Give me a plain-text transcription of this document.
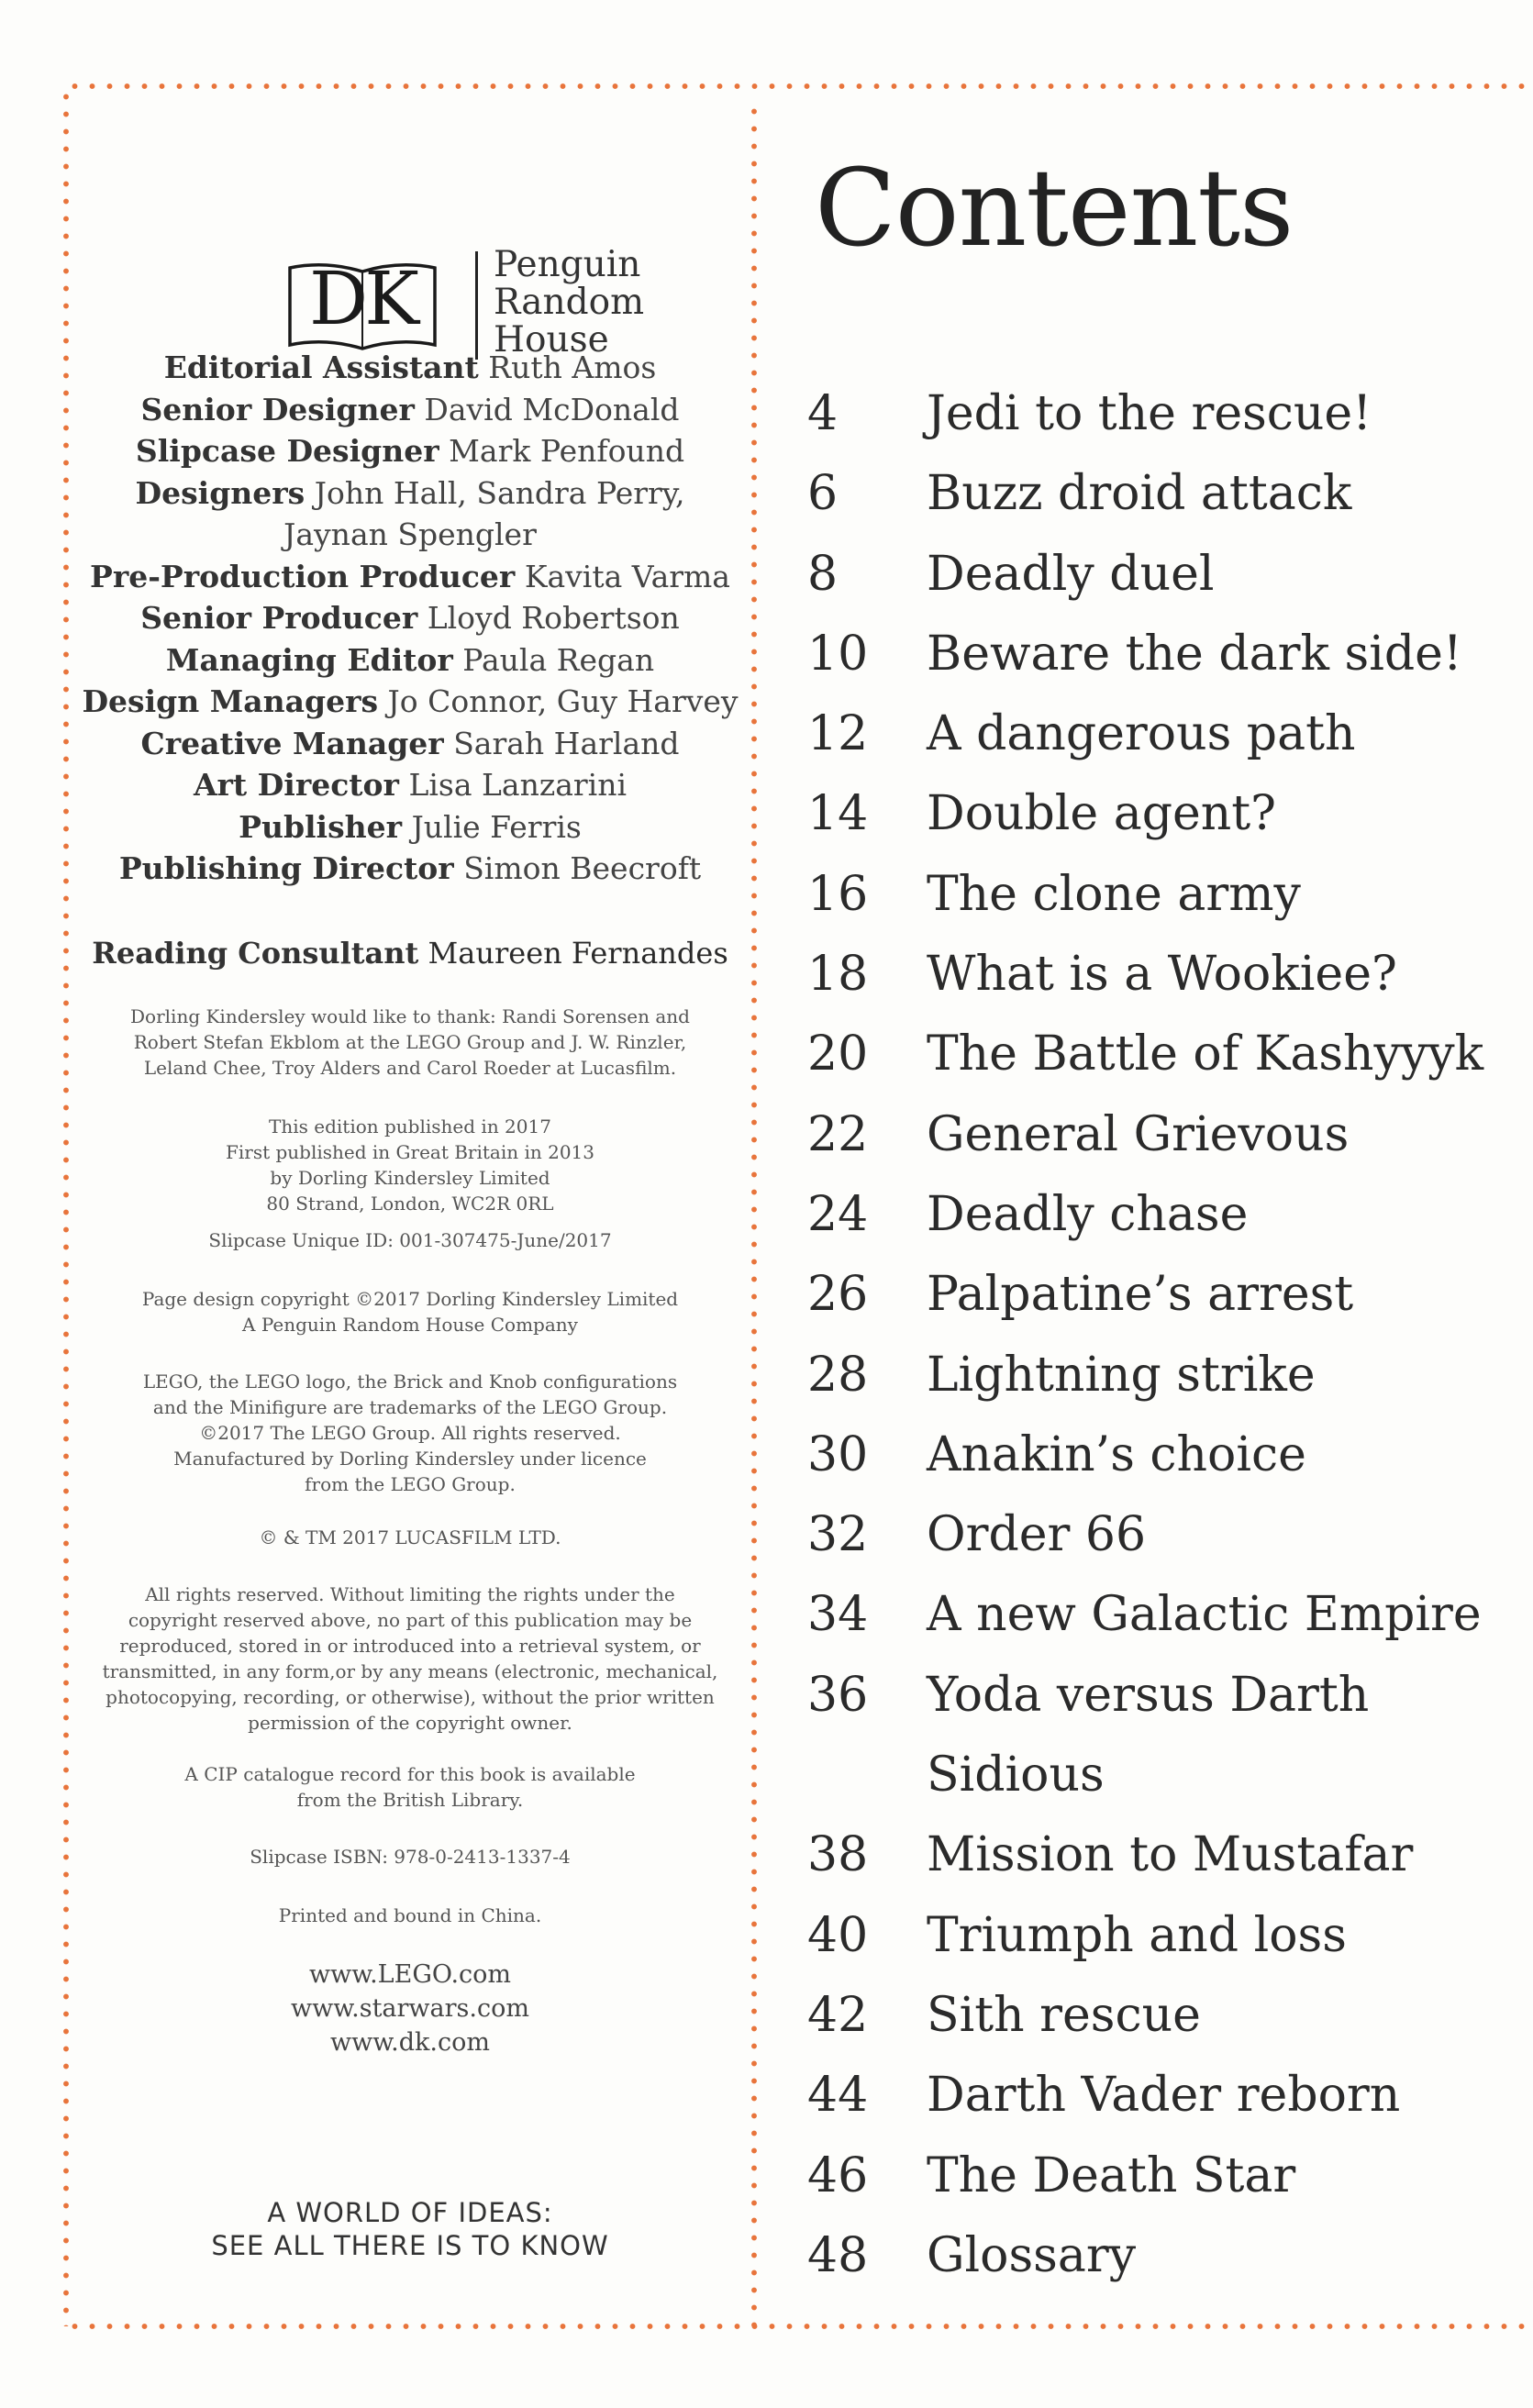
DK	Penguin
Random
House
Editorial Assistant Ruth Amos
Senior Designer David McDonald
Slipcase Designer Mark Penfound
Designers John Hall, Sandra Perry,
Jaynan Spengler
Pre-Production Producer Kavita Varma
Senior Producer Lloyd Robertson
Managing Editor Paula Regan
Design Managers Jo Connor, Guy Harvey
Creative Manager Sarah Harland
Art Director Lisa Lanzarini
Publisher Julie Ferris
Publishing Director Simon Beecroft
Reading Consultant Maureen Fernandes
Dorling Kindersley would like to thank: Randi Sorensen and
Robert Stefan Ekblom at the LEGO Group and J. W. Rinzler,
Leland Chee, Troy Alders and Carol Roeder at Lucasfilm.
This edition published in 2017
First published in Great Britain in 2013
by Dorling Kindersley Limited
80 Strand, London, WC2R 0RL
Slipcase Unique ID: 001-307475-June/2017
Page design copyright ©2017 Dorling Kindersley Limited
A Penguin Random House Company
LEGO, the LEGO logo, the Brick and Knob configurations
and the Minifigure are trademarks of the LEGO Group.
©2017 The LEGO Group. All rights reserved.
Manufactured by Dorling Kindersley under licence
from the LEGO Group.
© & TM 2017 LUCASFILM LTD.
All rights reserved. Without limiting the rights under the
copyright reserved above, no part of this publication may be
reproduced, stored in or introduced into a retrieval system, or
transmitted, in any form,or by any means (electronic, mechanical,
photocopying, recording, or otherwise), without the prior written
permission of the copyright owner.
A CIP catalogue record for this book is available
from the British Library.
Slipcase ISBN: 978-0-2413-1337-4
Printed and bound in China.
www.LEGO.com
www.starwars.com
www.dk.com
A WORLD OF IDEAS:
SEE ALL THERE IS TO KNOW
Contents
4	Jedi to the rescue!
6	Buzz droid attack
8	Deadly duel
10	Beware the dark side!
12	A dangerous path
14	Double agent?
16	The clone army
18	What is a Wookiee?
20	The Battle of Kashyyyk
22	General Grievous
24	Deadly chase
26	Palpatine’s arrest
28	Lightning strike
30	Anakin’s choice
32	Order 66
34	A new Galactic Empire
36	Yoda versus Darth Sidious
38	Mission to Mustafar
40	Triumph and loss
42	Sith rescue
44	Darth Vader reborn
46	The Death Star
48	Glossary
